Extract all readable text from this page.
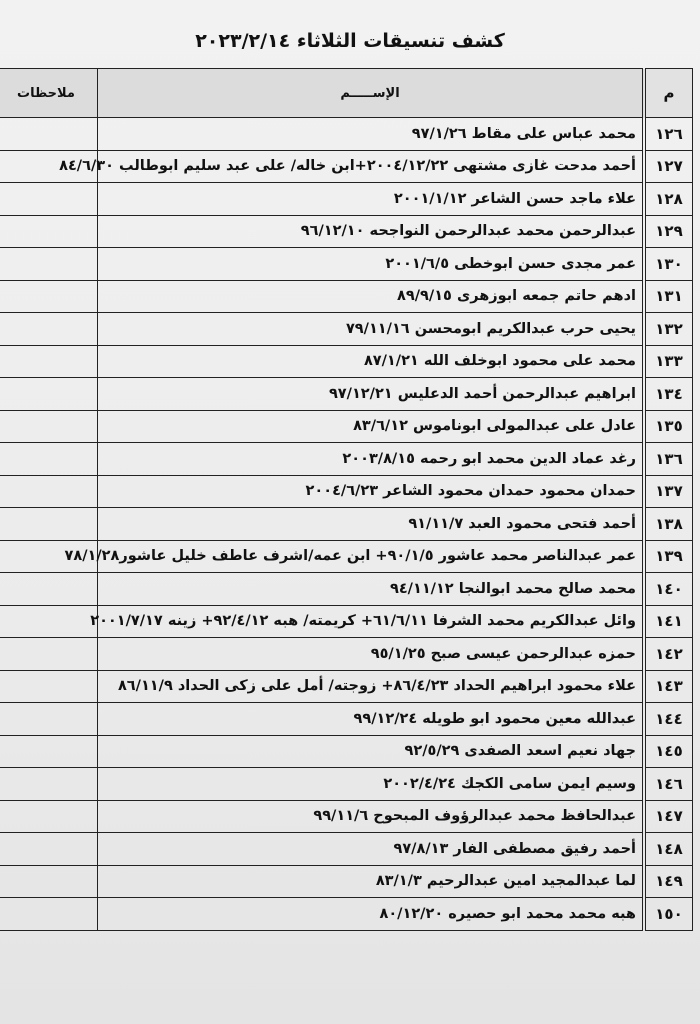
كشف تنسيقات الثلاثاء ٢٠٢٣/٢/١٤
م	الإســـــم	ملاحظات
١٢٦	محمد عباس على مقاط ٩٧/١/٢٦	
١٢٧	أحمد مدحت غازى مشتهى ٢٠٠٤/١٢/٢٢+ابن خاله/ على عبد سليم ابوطالب ٨٤/٦/٣٠	
١٢٨	علاء ماجد حسن الشاعر ٢٠٠١/١/١٢	
١٢٩	عبدالرحمن محمد عبدالرحمن النواجحه ٩٦/١٢/١٠	
١٣٠	عمر مجدى حسن ابوخطى ٢٠٠١/٦/٥	
١٣١	ادهم حاتم جمعه ابوزهرى ٨٩/٩/١٥	
١٣٢	يحيى حرب عبدالكريم ابومحسن ٧٩/١١/١٦	
١٣٣	محمد على محمود ابوخلف الله ٨٧/١/٢١	
١٣٤	ابراهيم عبدالرحمن أحمد الدعليس ٩٧/١٢/٢١	
١٣٥	عادل على عبدالمولى ابوناموس ٨٣/٦/١٢	
١٣٦	رغد عماد الدين محمد ابو رحمه ٢٠٠٣/٨/١٥	
١٣٧	حمدان محمود حمدان محمود الشاعر ٢٠٠٤/٦/٢٣	
١٣٨	أحمد فتحى محمود العبد ٩١/١١/٧	
١٣٩	عمر عبدالناصر محمد عاشور ٩٠/١/٥+ ابن عمه/اشرف عاطف خليل عاشور٧٨/١/٢٨	
١٤٠	محمد صالح محمد ابوالنجا ٩٤/١١/١٢	
١٤١	وائل عبدالكريم محمد الشرفا ٦١/٦/١١+ كريمته/ هبه ٩٢/٤/١٢+ زينه ٢٠٠١/٧/١٧	
١٤٢	حمزه عبدالرحمن عيسى صبح ٩٥/١/٢٥	
١٤٣	علاء محمود ابراهيم الحداد ٨٦/٤/٢٣+ زوجته/ أمل على زكى الحداد ٨٦/١١/٩	
١٤٤	عبدالله معين محمود ابو طويله ٩٩/١٢/٢٤	
١٤٥	جهاد نعيم اسعد الصفدى ٩٢/٥/٢٩	
١٤٦	وسيم ايمن سامى الكجك ٢٠٠٢/٤/٢٤	
١٤٧	عبدالحافظ محمد عبدالرؤوف المبحوح ٩٩/١١/٦	
١٤٨	أحمد رفيق مصطفى الفار ٩٧/٨/١٣	
١٤٩	لما عبدالمجيد امين عبدالرحيم ٨٣/١/٣	
١٥٠	هبه محمد محمد ابو حصيره ٨٠/١٢/٢٠	
